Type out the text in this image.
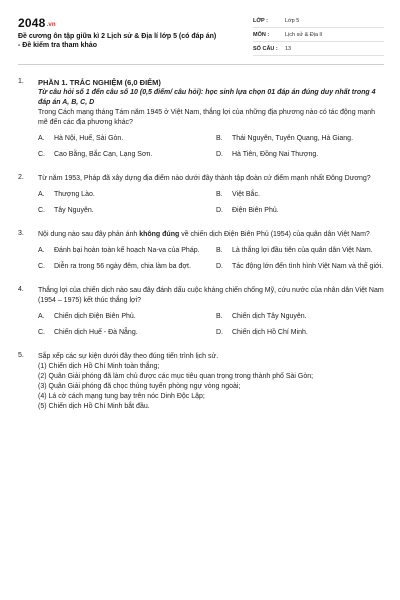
2048.vn
Đề cương ôn tập giữa kì 2 Lịch sử & Địa lí lớp 5 (có đáp án)
- Đề kiểm tra tham khảo
LỚP :	Lớp 5
MÔN :	Lịch sử & Địa lí
SỐ CÂU :	13
1.	PHẦN 1. TRẮC NGHIỆM (6,0 ĐIỂM)

Từ câu hỏi số 1 đến câu số 10 (0,5 điểm/ câu hỏi): học sinh lựa chọn 01 đáp án đúng duy nhất trong 4 đáp án A, B, C, D

Trong Cách mạng tháng Tám năm 1945 ở Việt Nam, thắng lợi của những địa phương nào có tác động mạnh mẽ đến các địa phương khác?

A.	Hà Nội, Huế, Sài Gòn.	B.	Thái Nguyên, Tuyên Quang, Hà Giang.
C.	Cao Bằng, Bắc Cạn, Lạng Sơn.	D.	Hà Tiên, Đồng Nai Thượng.
2.	Từ năm 1953, Pháp đã xây dựng địa điểm nào dưới đây thành tập đoàn cứ điểm mạnh nhất Đông Dương?

A.	Thượng Lào.	B.	Việt Bắc.
C.	Tây Nguyên.	D.	Điện Biên Phủ.
3.	Nội dung nào sau đây phản ánh không đúng về chiến dịch Điện Biên Phủ (1954) của quân dân Việt Nam?

A.	Đánh bại hoàn toàn kế hoạch Na-va của Pháp. B.	Là thắng lợi đầu tiên của quân dân Việt Nam.
C.	Diễn ra trong 56 ngày đêm, chia làm ba đợt.	D.	Tác động lớn đến tình hình Việt Nam và thế giới.
4.	Thắng lợi của chiến dịch nào sau đây đánh dấu cuộc kháng chiến chống Mỹ, cứu nước của nhân dân Việt Nam (1954 – 1975) kết thúc thắng lợi?

A.	Chiến dịch Điện Biên Phủ.	B.	Chiến dịch Tây Nguyên.
C.	Chiến dịch Huế - Đà Nẵng.	D.	Chiến dịch Hồ Chí Minh.
5.	Sắp xếp các sự kiện dưới đây theo đúng tiến trình lịch sử.

(1) Chiến dịch Hồ Chí Minh toàn thắng;

(2) Quân Giải phóng đã làm chủ được các mục tiêu quan trọng trong thành phố Sài Gòn;

(3) Quân Giải phóng đã chọc thủng tuyến phòng ngự vòng ngoài;

(4) Lá cờ cách mạng tung bay trên nóc Dinh Độc Lập;

(5) Chiến dịch Hồ Chí Minh bắt đầu.
